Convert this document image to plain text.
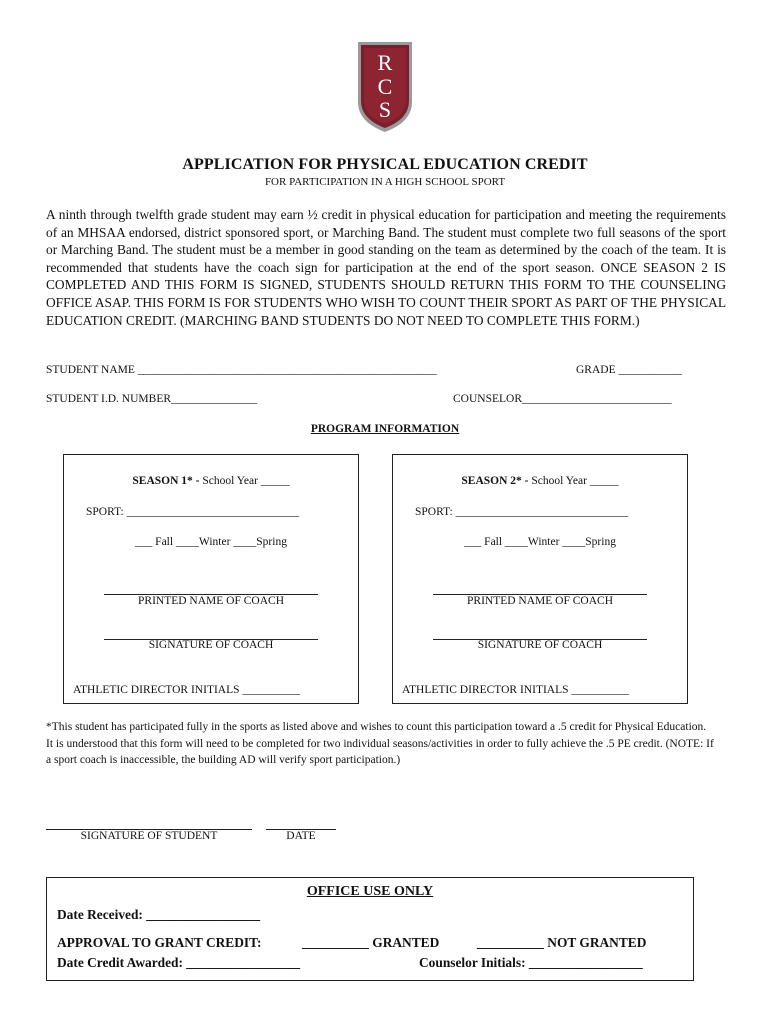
R
C
S
APPLICATION FOR PHYSICAL EDUCATION CREDIT
FOR PARTICIPATION IN A HIGH SCHOOL SPORT
A ninth through twelfth grade student may earn ½ credit in physical education for participation and meeting the requirements of an MHSAA endorsed, district sponsored sport, or Marching Band. The student must complete two full seasons of the sport or Marching Band. The student must be a member in good standing on the team as determined by the coach of the team. It is recommended that students have the coach sign for participation at the end of the sport season. ONCE SEASON 2 IS COMPLETED AND THIS FORM IS SIGNED, STUDENTS SHOULD RETURN THIS FORM TO THE COUNSELING OFFICE ASAP. THIS FORM IS FOR STUDENTS WHO WISH TO COUNT THEIR SPORT AS PART OF THE PHYSICAL EDUCATION CREDIT. (MARCHING BAND STUDENTS DO NOT NEED TO COMPLETE THIS FORM.)
STUDENT NAME ____________________________________________________	GRADE ___________
STUDENT I.D. NUMBER_______________	COUNSELOR__________________________
PROGRAM INFORMATION
SEASON 1* - School Year _____
SPORT: ______________________________
___ Fall ____Winter ____Spring
PRINTED NAME OF COACH
SIGNATURE OF COACH
ATHLETIC DIRECTOR INITIALS __________
SEASON 2* - School Year _____
SPORT: ______________________________
___ Fall ____Winter ____Spring
PRINTED NAME OF COACH
SIGNATURE OF COACH
ATHLETIC DIRECTOR INITIALS __________
*This student has participated fully in the sports as listed above and wishes to count this participation toward a .5 credit for Physical Education. It is understood that this form will need to be completed for two individual seasons/activities in order to fully achieve the .5 PE credit. (NOTE: If a sport coach is inaccessible, the building AD will verify sport participation.)
SIGNATURE OF STUDENT	DATE
OFFICE USE ONLY
Date Received: _________________
APPROVAL TO GRANT CREDIT:	__________ GRANTED	__________ NOT GRANTED
Date Credit Awarded: _________________	Counselor Initials: _________________
